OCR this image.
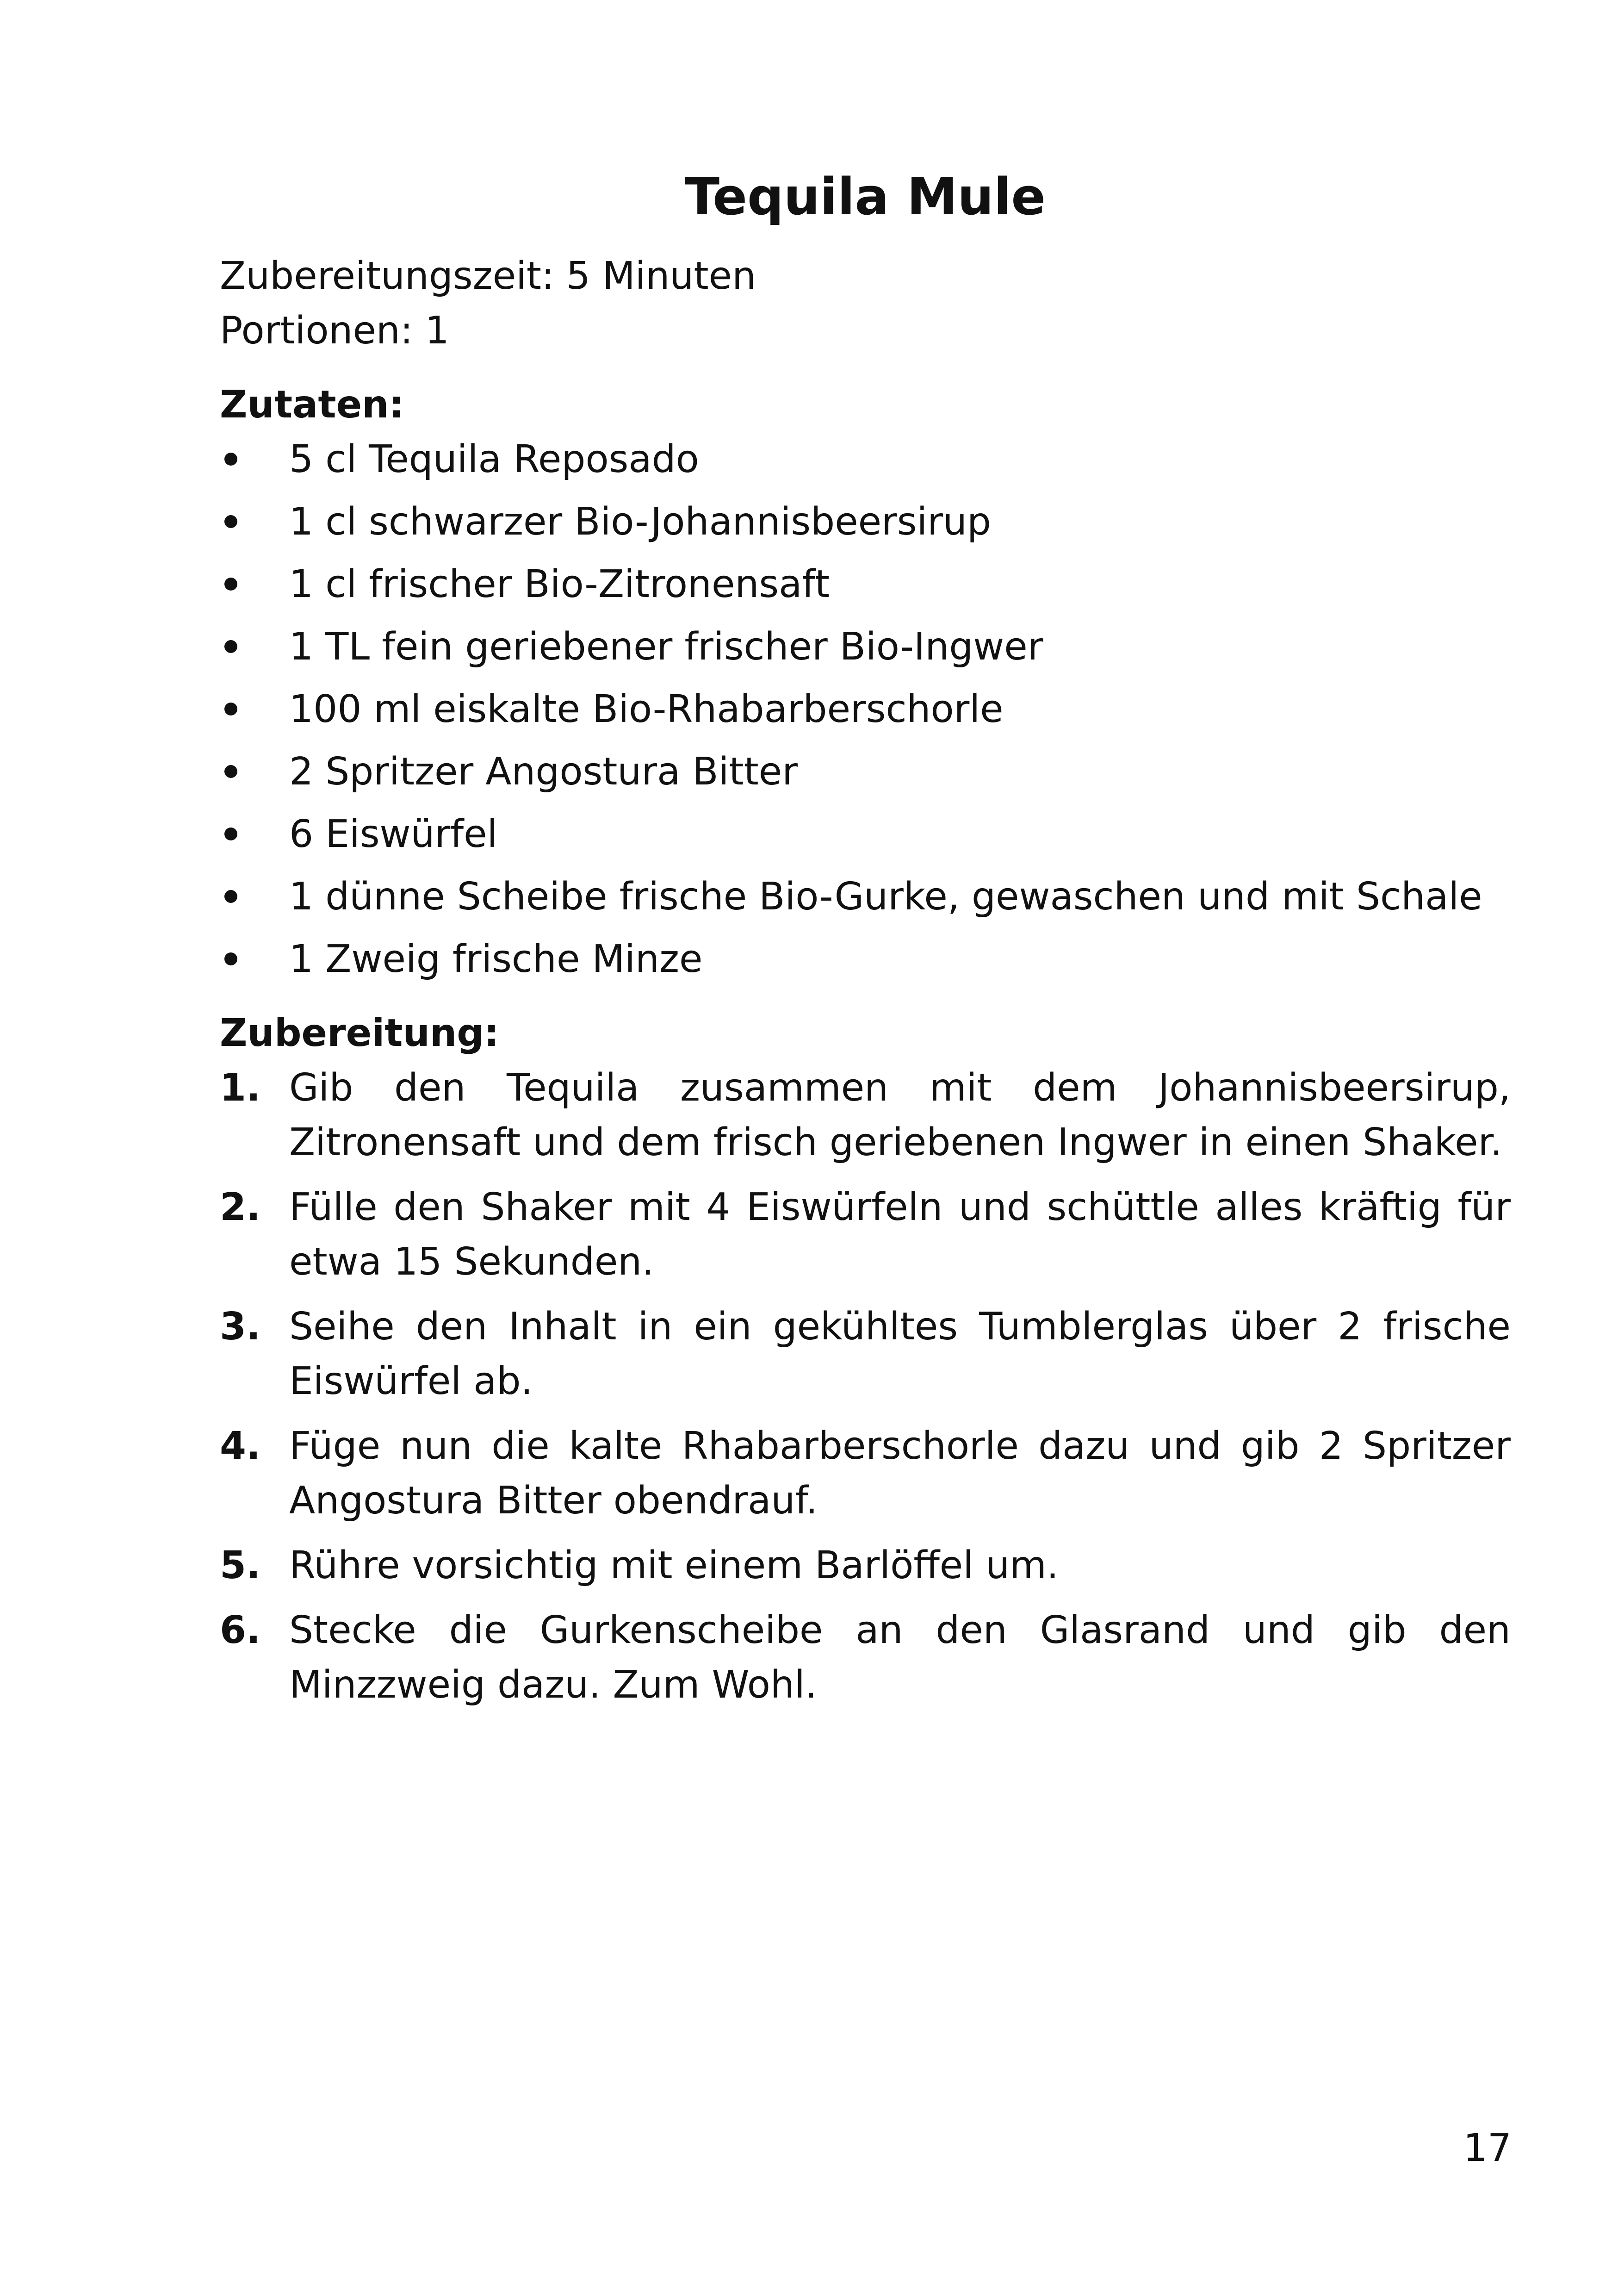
Tequila Mule

Zubereitungszeit: 5 Minuten

Portionen: 1

Zutaten:

5 cl Tequila Reposado
1 cl schwarzer Bio-Johannisbeersirup
1 cl frischer Bio-Zitronensaft
1 TL fein geriebener frischer Bio-Ingwer
100 ml eiskalte Bio-Rhabarberschorle
2 Spritzer Angostura Bitter
6 Eiswürfel
1 dünne Scheibe frische Bio-Gurke, gewaschen und mit Schale
1 Zweig frische Minze

Zubereitung:

1. Gib den Tequila zusammen mit dem Johannisbeersirup, Zitronensaft und dem frisch geriebenen Ingwer in einen Shaker.
2. Fülle den Shaker mit 4 Eiswürfeln und schüttle alles kräftig für etwa 15 Sekunden.
3. Seihe den Inhalt in ein gekühltes Tumblerglas über 2 frische Eiswürfel ab.
4. Füge nun die kalte Rhabarberschorle dazu und gib 2 Spritzer Angostura Bitter obendrauf.
5. Rühre vorsichtig mit einem Barlöffel um.
6. Stecke die Gurkenscheibe an den Glasrand und gib den Minzzweig dazu. Zum Wohl.
17
